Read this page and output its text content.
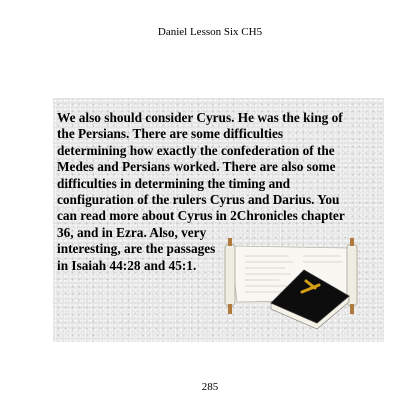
Daniel Lesson Six CH5

We also should consider Cyrus. He was the king of
the Persians. There are some difficulties
determining how exactly the confederation of the
Medes and Persians worked. There are also some
difficulties in determining the timing and
configuration of the rulers Cyrus and Darius. You
can read more about Cyrus in 2Chronicles chapter
36, and in Ezra. Also, very
interesting, are the passages
in Isaiah 44:28 and 45:1.

285
